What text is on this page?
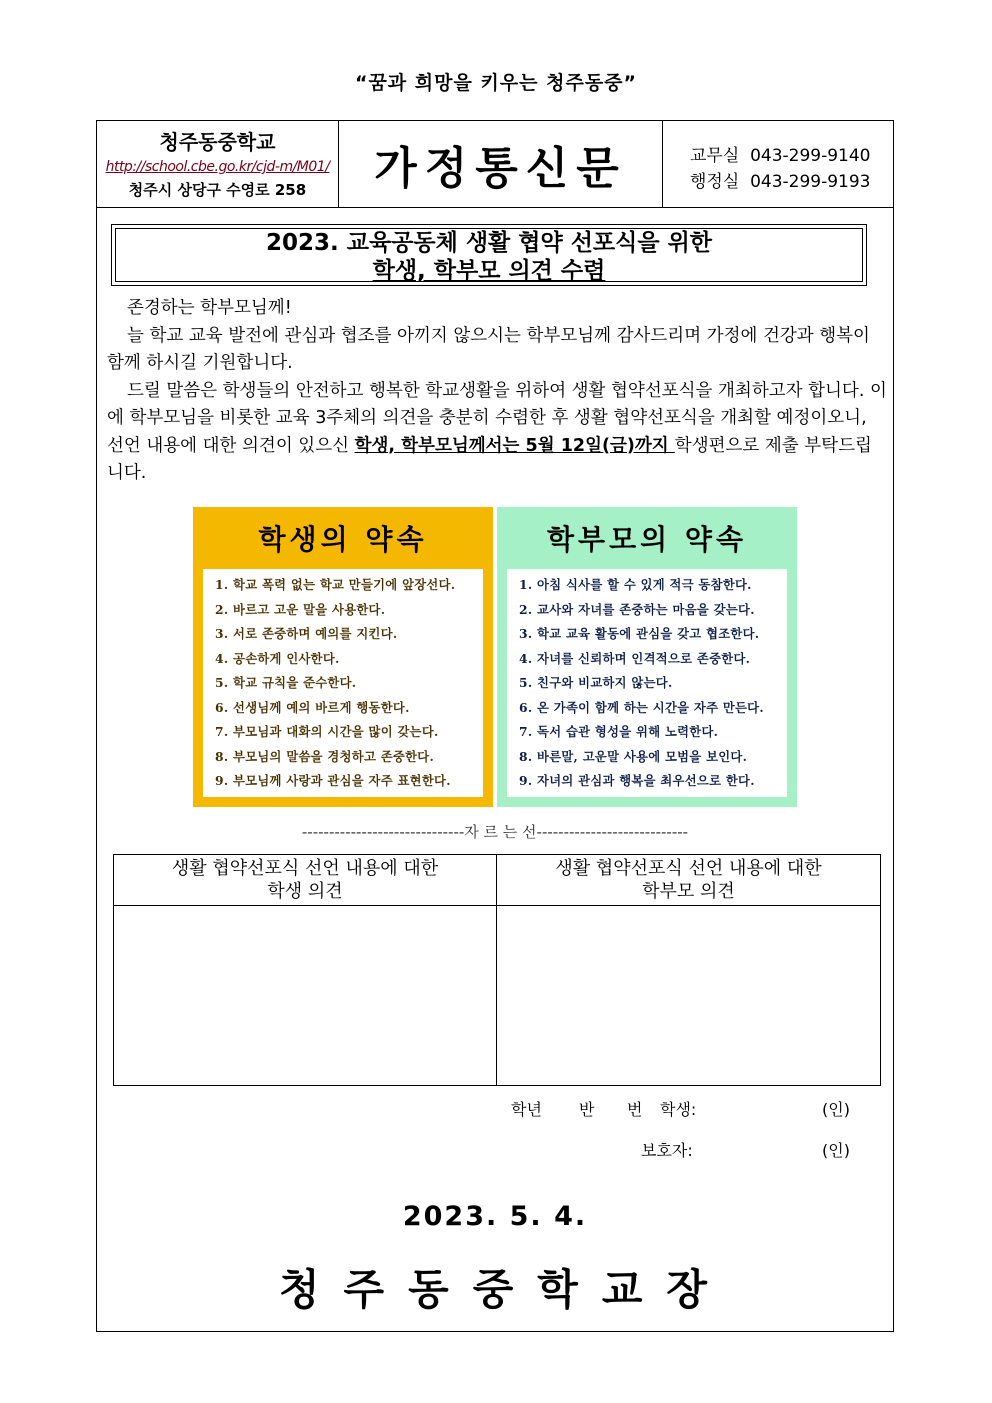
“꿈과 희망을 키우는 청주동중”
청주동중학교
http://school.cbe.go.kr/cjd-m/M01/
청주시 상당구 수영로 258	가정통신문	교무실  043-299-9140
행정실  043-299-9193
2023. 교육공동체 생활 협약 선포식을 위한
학생, 학부모 의견 수렴

존경하는 학부모님께!

늘 학교 교육 발전에 관심과 협조를 아끼지 않으시는 학부모님께 감사드리며 가정에 건강과 행복이 함께 하시길 기원합니다.

드릴 말씀은 학생들의 안전하고 행복한 학교생활을 위하여 생활 협약선포식을 개최하고자 합니다. 이에 학부모님을 비롯한 교육 3주체의 의견을 충분히 수렴한 후 생활 협약선포식을 개최할 예정이오니, 선언 내용에 대한 의견이 있으신 학생, 학부모님께서는 5월 12일(금)까지 학생편으로 제출 부탁드립니다.

학생의 약속
1. 학교 폭력 없는 학교 만들기에 앞장선다.
2. 바르고 고운 말을 사용한다.
3. 서로 존중하며 예의를 지킨다.
4. 공손하게 인사한다.
5. 학교 규칙을 준수한다.
6. 선생님께 예의 바르게 행동한다.
7. 부모님과 대화의 시간을 많이 갖는다.
8. 부모님의 말씀을 경청하고 존중한다.
9. 부모님께 사랑과 관심을 자주 표현한다.
학부모의 약속
1. 아침 식사를 할 수 있게 적극 동참한다.
2. 교사와 자녀를 존중하는 마음을 갖는다.
3. 학교 교육 활동에 관심을 갖고 협조한다.
4. 자녀를 신뢰하며 인격적으로 존중한다.
5. 친구와 비교하지 않는다.
6. 온 가족이 함께 하는 시간을 자주 만든다.
7. 독서 습관 형성을 위해 노력한다.
8. 바른말, 고운말 사용에 모범을 보인다.
9. 자녀의 관심과 행복을 최우선으로 한다.
------------------------------자 르 는 선----------------------------
생활 협약선포식 선언 내용에 대한
학생 의견
생활 협약선포식 선언 내용에 대한
학부모 의견
학년 반 번 학생:	(인)
보호자:	(인)
2023. 5. 4.
청주동중학교장
